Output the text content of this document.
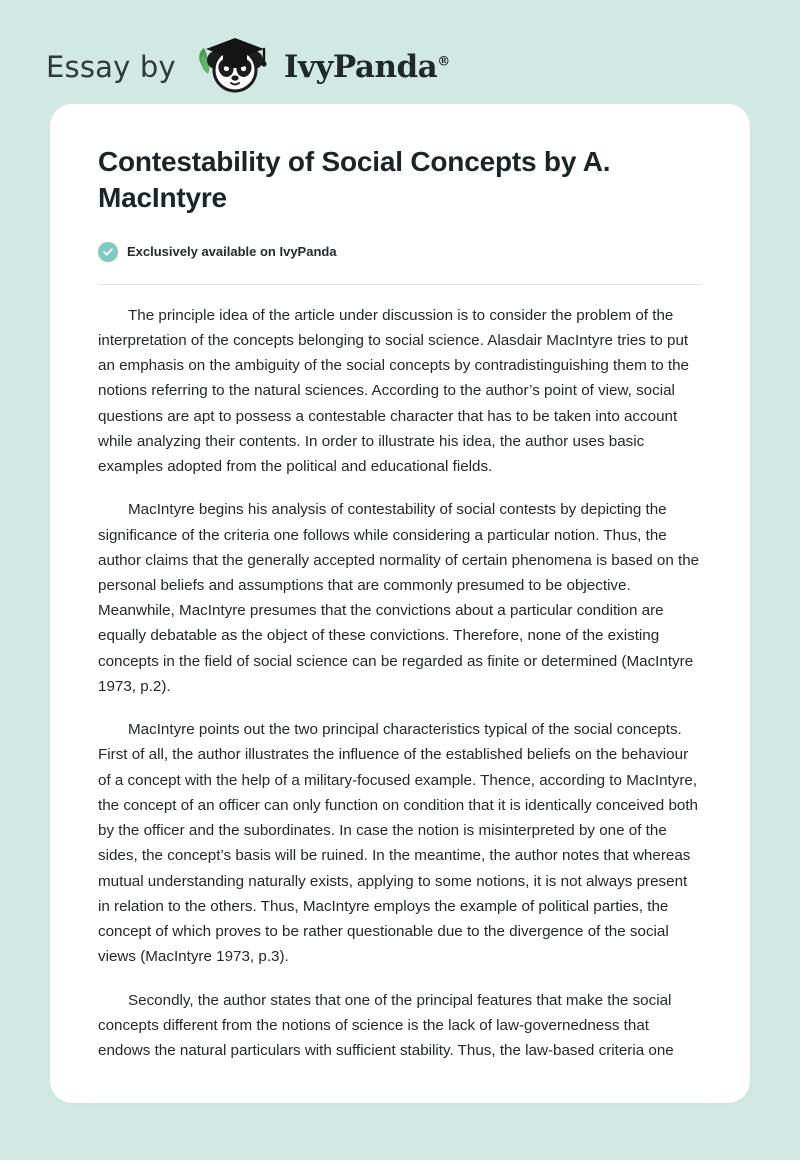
Essay by	IvyPanda®
Contestability of Social Concepts by A. MacIntyre
Exclusively available on IvyPanda

The principle idea of the article under discussion is to consider the problem of the interpretation of the concepts belonging to social science. Alasdair MacIntyre tries to put an emphasis on the ambiguity of the social concepts by contradistinguishing them to the notions referring to the natural sciences. According to the author’s point of view, social questions are apt to possess a contestable character that has to be taken into account while analyzing their contents. In order to illustrate his idea, the author uses basic examples adopted from the political and educational fields.

MacIntyre begins his analysis of contestability of social contests by depicting the significance of the criteria one follows while considering a particular notion. Thus, the author claims that the generally accepted normality of certain phenomena is based on the personal beliefs and assumptions that are commonly presumed to be objective. Meanwhile, MacIntyre presumes that the convictions about a particular condition are equally debatable as the object of these convictions. Therefore, none of the existing concepts in the field of social science can be regarded as finite or determined (MacIntyre 1973, p.2).

MacIntyre points out the two principal characteristics typical of the social concepts. First of all, the author illustrates the influence of the established beliefs on the behaviour of a concept with the help of a military-focused example. Thence, according to MacIntyre, the concept of an officer can only function on condition that it is identically conceived both by the officer and the subordinates. In case the notion is misinterpreted by one of the sides, the concept’s basis will be ruined. In the meantime, the author notes that whereas mutual understanding naturally exists, applying to some notions, it is not always present in relation to the others. Thus, MacIntyre employs the example of political parties, the concept of which proves to be rather questionable due to the divergence of the social views (MacIntyre 1973, p.3).

Secondly, the author states that one of the principal features that make the social concepts different from the notions of science is the lack of law-governedness that endows the natural particulars with sufficient stability. Thus, the law-based criteria one
